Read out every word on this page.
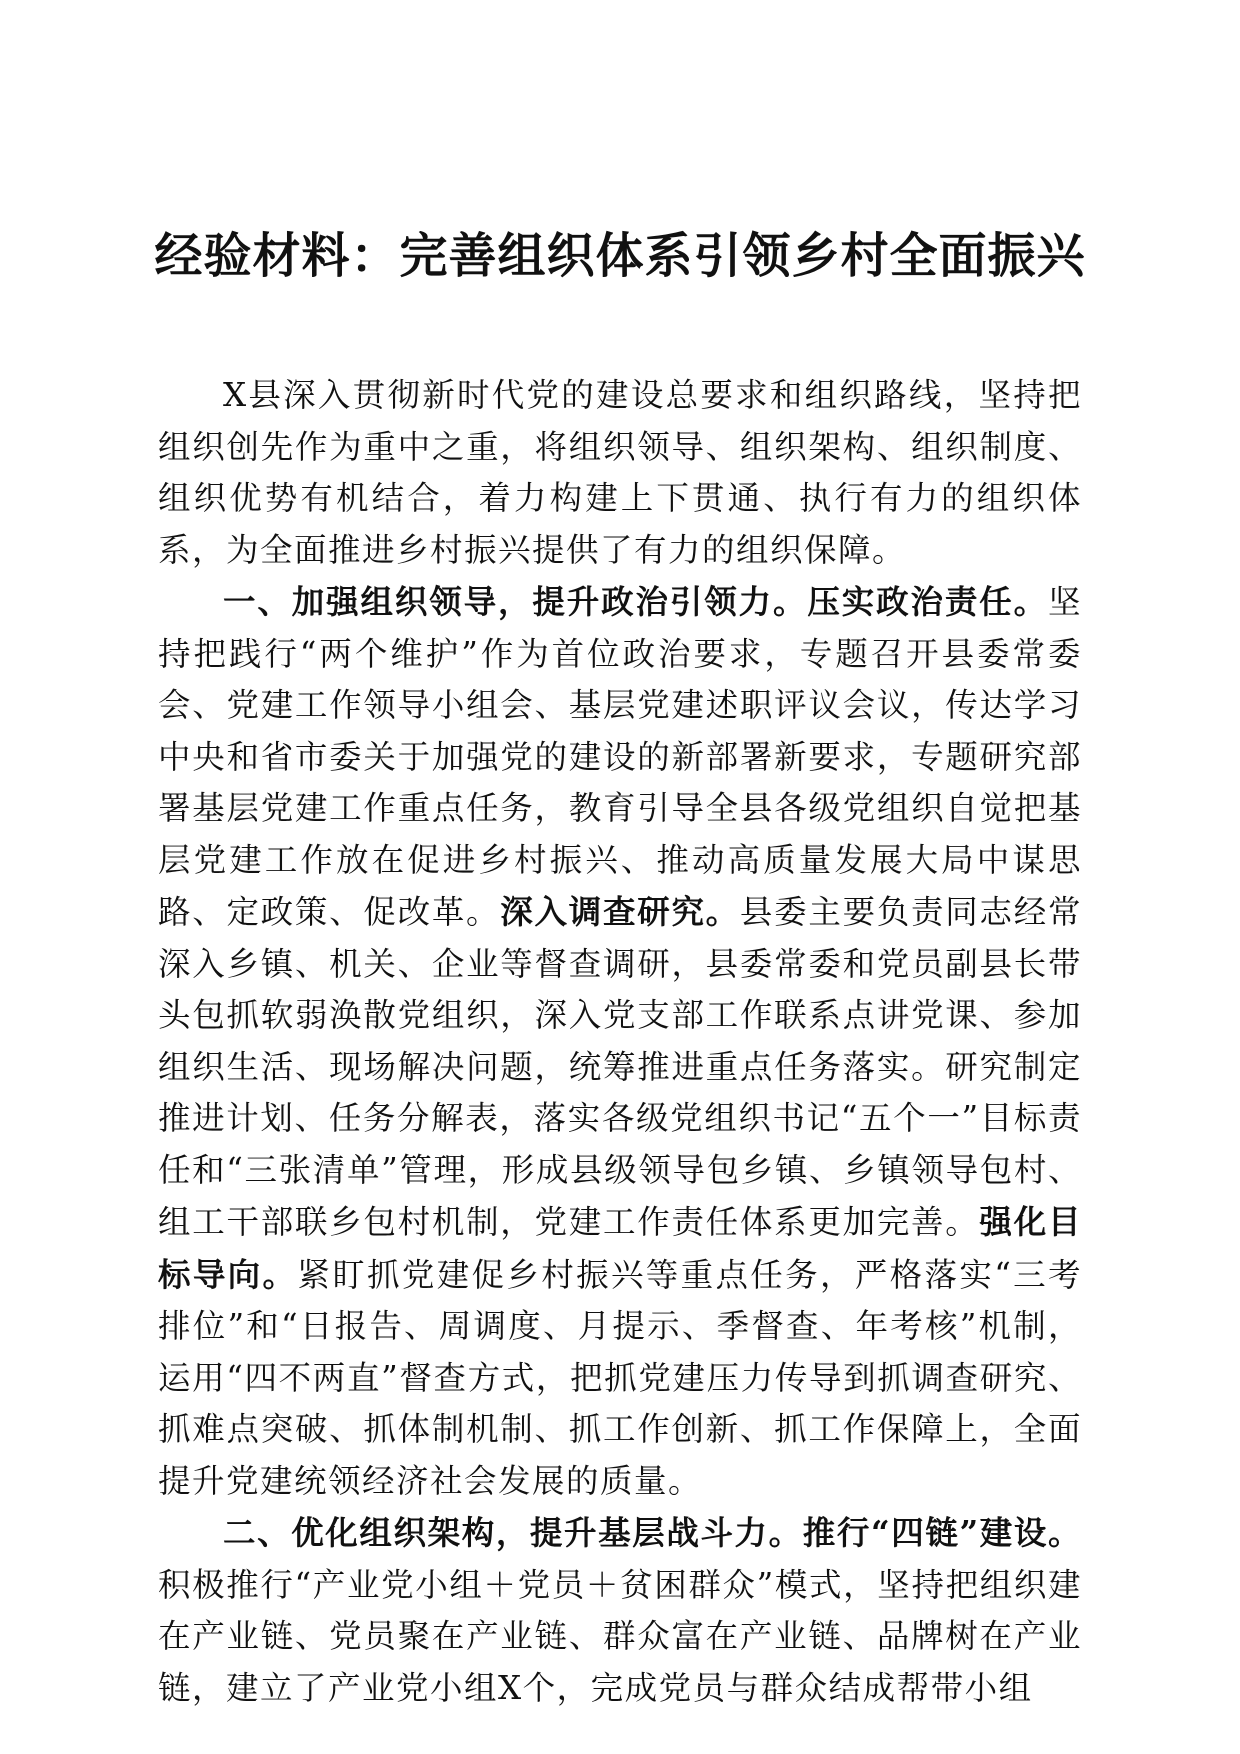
经验材料：完善组织体系引领乡村全面振兴

X县深入贯彻新时代党的建设总要求和组织路线，坚持把组织创先作为重中之重，将组织领导、组织架构、组织制度、组织优势有机结合，着力构建上下贯通、执行有力的组织体系，为全面推进乡村振兴提供了有力的组织保障。

一、加强组织领导，提升政治引领力。压实政治责任。坚持把践行“两个维护”作为首位政治要求，专题召开县委常委会、党建工作领导小组会、基层党建述职评议会议，传达学习中央和省市委关于加强党的建设的新部署新要求，专题研究部署基层党建工作重点任务，教育引导全县各级党组织自觉把基层党建工作放在促进乡村振兴、推动高质量发展大局中谋思路、定政策、促改革。深入调查研究。县委主要负责同志经常深入乡镇、机关、企业等督查调研，县委常委和党员副县长带头包抓软弱涣散党组织，深入党支部工作联系点讲党课、参加组织生活、现场解决问题，统筹推进重点任务落实。研究制定推进计划、任务分解表，落实各级党组织书记“五个一”目标责任和“三张清单”管理，形成县级领导包乡镇、乡镇领导包村、组工干部联乡包村机制，党建工作责任体系更加完善。强化目标导向。紧盯抓党建促乡村振兴等重点任务，严格落实“三考排位”和“日报告、周调度、月提示、季督查、年考核”机制，运用“四不两直”督查方式，把抓党建压力传导到抓调查研究、抓难点突破、抓体制机制、抓工作创新、抓工作保障上，全面提升党建统领经济社会发展的质量。

二、优化组织架构，提升基层战斗力。推行“四链”建设。积极推行“产业党小组＋党员＋贫困群众”模式，坚持把组织建在产业链、党员聚在产业链、群众富在产业链、品牌树在产业链，建立了产业党小组X个，完成党员与群众结成帮带小组
